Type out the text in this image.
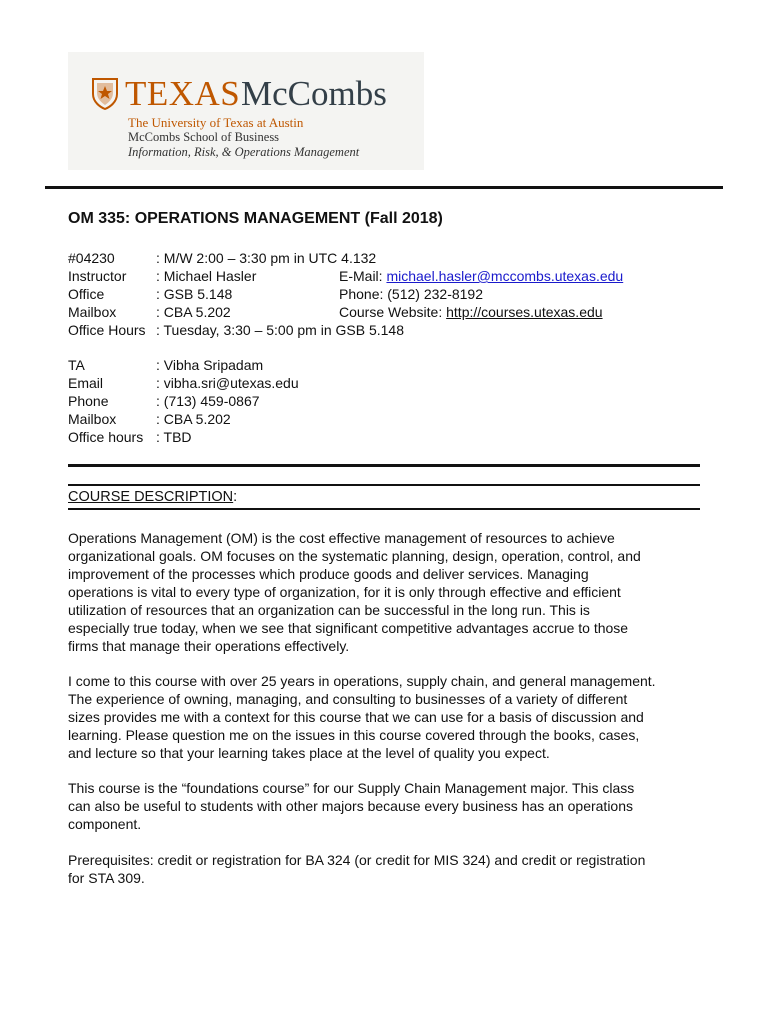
TEXAS McCombs
The University of Texas at Austin
McCombs School of Business
Information, Risk, & Operations Management
OM 335: OPERATIONS MANAGEMENT (Fall 2018)
#04230	: M/W 2:00 – 3:30 pm in UTC 4.132
Instructor : Michael Hasler	E-Mail: michael.hasler@mccombs.utexas.edu
Office	: GSB 5.148	Phone: (512) 232-8192
Mailbox	: CBA 5.202	Course Website: http://courses.utexas.edu
Office Hours : Tuesday, 3:30 – 5:00 pm in GSB 5.148
TA	: Vibha Sripadam
Email	: vibha.sri@utexas.edu
Phone	: (713) 459-0867
Mailbox	: CBA 5.202
Office hours : TBD
COURSE DESCRIPTION:
Operations Management (OM) is the cost effective management of resources to achieve
organizational goals. OM focuses on the systematic planning, design, operation, control, and
improvement of the processes which produce goods and deliver services. Managing
operations is vital to every type of organization, for it is only through effective and efficient
utilization of resources that an organization can be successful in the long run. This is
especially true today, when we see that significant competitive advantages accrue to those
firms that manage their operations effectively.
I come to this course with over 25 years in operations, supply chain, and general management.
The experience of owning, managing, and consulting to businesses of a variety of different
sizes provides me with a context for this course that we can use for a basis of discussion and
learning. Please question me on the issues in this course covered through the books, cases,
and lecture so that your learning takes place at the level of quality you expect.
This course is the “foundations course” for our Supply Chain Management major. This class
can also be useful to students with other majors because every business has an operations
component.
Prerequisites: credit or registration for BA 324 (or credit for MIS 324) and credit or registration
for STA 309.
